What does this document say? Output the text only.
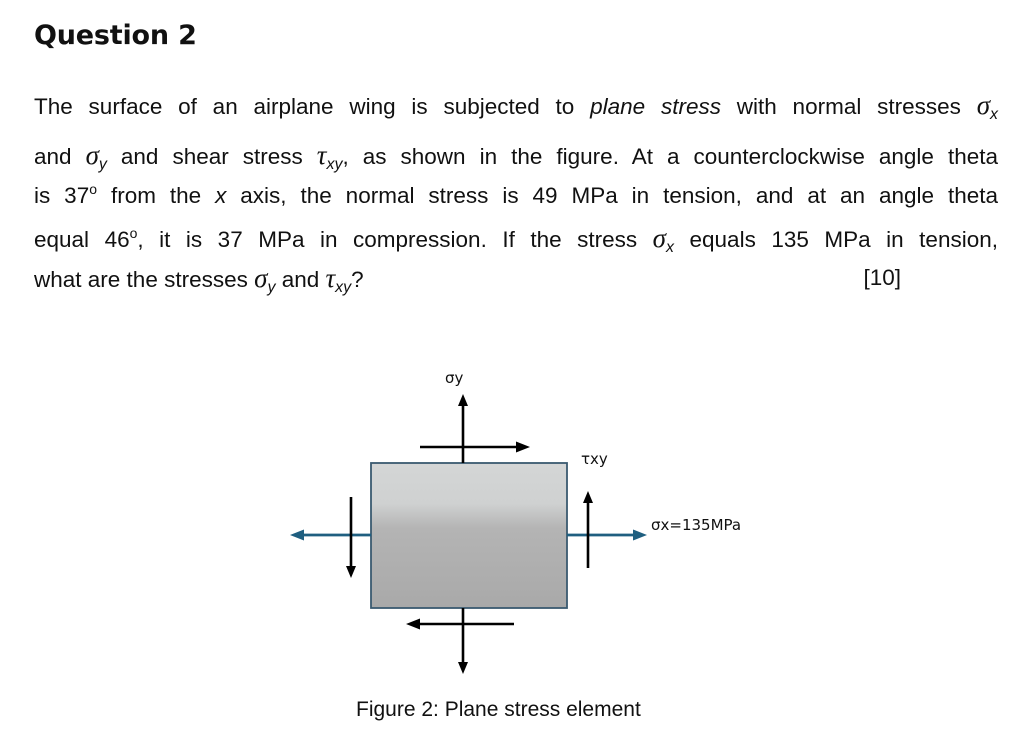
Question 2
The surface of an airplane wing is subjected to plane stress with normal stresses $\sigma_x$
and $\sigma_y$ and shear stress $\tau_{xy}$, as shown in the figure. At a counterclockwise angle theta
is 37$^o$ from the x axis, the normal stress is 49 MPa in tension, and at an angle theta
equal 46$^o$, it is 37 MPa in compression. If the stress $\sigma_x$ equals 135 MPa in tension,
what are the stresses $\sigma_y$ and $\tau_{xy}$?	[10]
σy
τxy
σx=135MPa
Figure 2: Plane stress element
